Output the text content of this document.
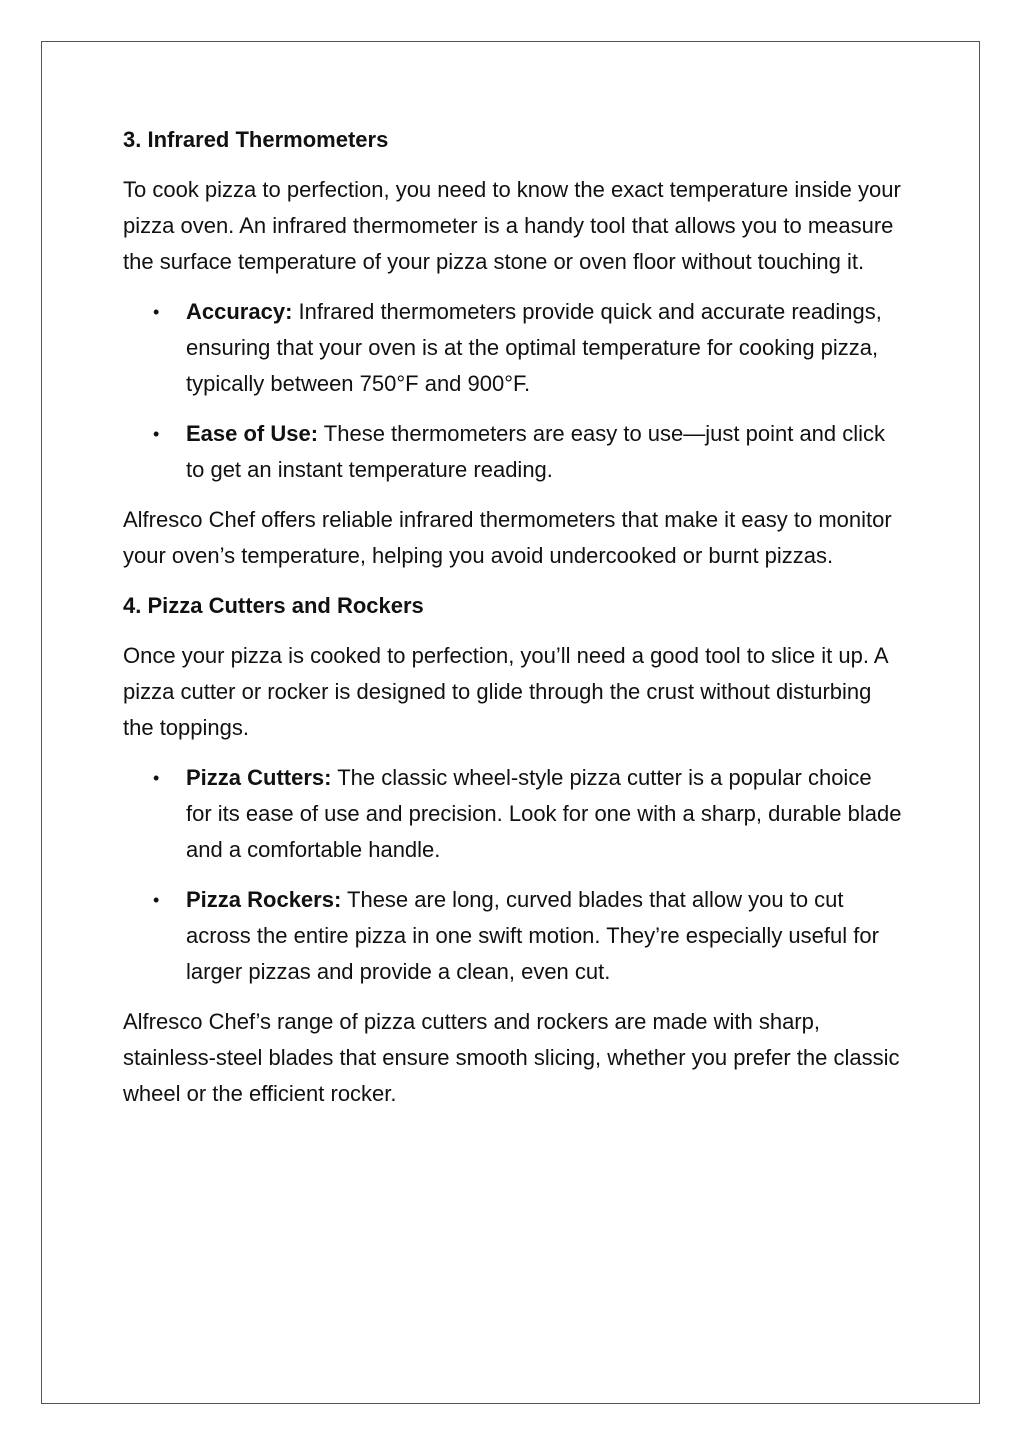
3. Infrared Thermometers

To cook pizza to perfection, you need to know the exact temperature inside your pizza oven. An infrared thermometer is a handy tool that allows you to measure the surface temperature of your pizza stone or oven floor without touching it.

• Accuracy: Infrared thermometers provide quick and accurate readings, ensuring that your oven is at the optimal temperature for cooking pizza, typically between 750°F and 900°F.
• Ease of Use: These thermometers are easy to use—just point and click to get an instant temperature reading.

Alfresco Chef offers reliable infrared thermometers that make it easy to monitor your oven’s temperature, helping you avoid undercooked or burnt pizzas.

4. Pizza Cutters and Rockers

Once your pizza is cooked to perfection, you’ll need a good tool to slice it up. A pizza cutter or rocker is designed to glide through the crust without disturbing the toppings.

• Pizza Cutters: The classic wheel-style pizza cutter is a popular choice for its ease of use and precision. Look for one with a sharp, durable blade and a comfortable handle.
• Pizza Rockers: These are long, curved blades that allow you to cut across the entire pizza in one swift motion. They’re especially useful for larger pizzas and provide a clean, even cut.

Alfresco Chef’s range of pizza cutters and rockers are made with sharp, stainless-steel blades that ensure smooth slicing, whether you prefer the classic wheel or the efficient rocker.
